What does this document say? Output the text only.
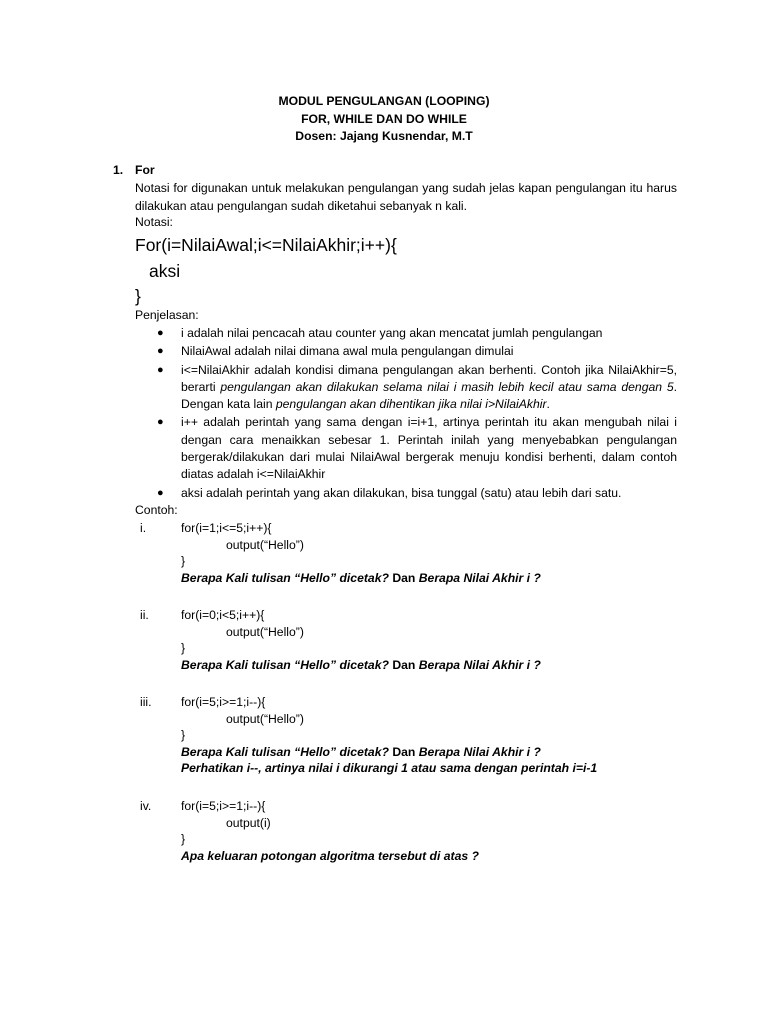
MODUL PENGULANGAN (LOOPING)
FOR, WHILE DAN DO WHILE
Dosen: Jajang Kusnendar, M.T
1. For
Notasi for digunakan untuk melakukan pengulangan yang sudah jelas kapan pengulangan itu harus dilakukan atau pengulangan sudah diketahui sebanyak n kali.
Notasi:
For(i=NilaiAwal;i<=NilaiAkhir;i++){
aksi
}
Penjelasan:
● i adalah nilai pencacah atau counter yang akan mencatat jumlah pengulangan
● NilaiAwal adalah nilai dimana awal mula pengulangan dimulai
● i<=NilaiAkhir adalah kondisi dimana pengulangan akan berhenti. Contoh jika NilaiAkhir=5, berarti pengulangan akan dilakukan selama nilai i masih lebih kecil atau sama dengan 5. Dengan kata lain pengulangan akan dihentikan jika nilai i>NilaiAkhir.
● i++ adalah perintah yang sama dengan i=i+1, artinya perintah itu akan mengubah nilai i dengan cara menaikkan sebesar 1. Perintah inilah yang menyebabkan pengulangan bergerak/dilakukan dari mulai NilaiAwal bergerak menuju kondisi berhenti, dalam contoh diatas adalah i<=NilaiAkhir
● aksi adalah perintah yang akan dilakukan, bisa tunggal (satu) atau lebih dari satu.
Contoh:
i.	for(i=1;i<=5;i++){
output(“Hello”)
}
Berapa Kali tulisan “Hello” dicetak? Dan Berapa Nilai Akhir i ?
ii.	for(i=0;i<5;i++){
output(“Hello”)
}
Berapa Kali tulisan “Hello” dicetak? Dan Berapa Nilai Akhir i ?
iii.	for(i=5;i>=1;i--){
output(“Hello”)
}
Berapa Kali tulisan “Hello” dicetak? Dan Berapa Nilai Akhir i ?
Perhatikan i--, artinya nilai i dikurangi 1 atau sama dengan perintah i=i-1
iv.	for(i=5;i>=1;i--){
output(i)
}
Apa keluaran potongan algoritma tersebut di atas ?
